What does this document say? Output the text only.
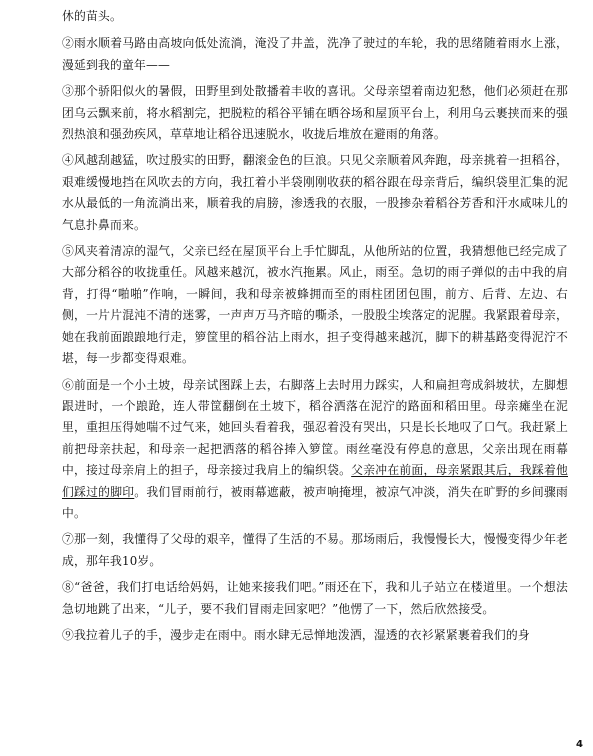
休的苗头。

②雨水顺着马路由高坡向低处流淌，淹没了井盖，洗净了驶过的车轮，我的思绪随着雨水上涨，漫延到我的童年——

③那个骄阳似火的暑假，田野里到处散播着丰收的喜讯。父母亲望着南边犯愁，他们必须赶在那团乌云飘来前，将水稻割完，把脱粒的稻谷平铺在晒谷场和屋顶平台上，利用乌云裹挟而来的强烈热浪和强劲疾风，草草地让稻谷迅速脱水，收拢后堆放在避雨的角落。

④风越刮越猛，吹过殷实的田野，翻滚金色的巨浪。只见父亲顺着风奔跑，母亲挑着一担稻谷，艰难缓慢地挡在风吹去的方向，我扛着小半袋刚刚收获的稻谷跟在母亲背后，编织袋里汇集的泥水从最低的一角流淌出来，顺着我的肩膀，渗透我的衣服，一股掺杂着稻谷芳香和汗水咸味儿的气息扑鼻而来。

⑤风夹着清凉的湿气，父亲已经在屋顶平台上手忙脚乱，从他所站的位置，我猜想他已经完成了大部分稻谷的收拢重任。风越来越沉，被水汽拖累。风止，雨至。急切的雨子弹似的击中我的肩背，打得“啪啪”作响，一瞬间，我和母亲被蜂拥而至的雨柱团团包围，前方、后背、左边、右侧，一片片混沌不清的迷雾，一声声万马齐暗的嘶杀，一股股尘埃落定的泥腥。我紧跟着母亲，她在我前面踉踉地行走，箩筐里的稻谷沾上雨水，担子变得越来越沉，脚下的耕基路变得泥泞不堪，每一步都变得艰难。

⑥前面是一个小土坡，母亲试图踩上去，右脚落上去时用力踩实，人和扁担弯成斜坡状，左脚想跟进时，一个踉跄，连人带筐翻倒在土坡下，稻谷洒落在泥泞的路面和稻田里。母亲瘫坐在泥里，重担压得她喘不过气来，她回头看着我，强忍着没有哭出，只是长长地叹了口气。我赶紧上前把母亲扶起，和母亲一起把洒落的稻谷捧入箩筐。雨丝毫没有停息的意思，父亲出现在雨幕中，接过母亲肩上的担子，母亲接过我肩上的编织袋。父亲冲在前面，母亲紧跟其后，我踩着他们踩过的脚印。我们冒雨前行，被雨幕遮蔽，被声响掩埋，被凉气冲淡，消失在旷野的乡间骤雨中。

⑦那一刻，我懂得了父母的艰辛，懂得了生活的不易。那场雨后，我慢慢长大，慢慢变得少年老成，那年我10岁。

⑧“爸爸，我们打电话给妈妈，让她来接我们吧。”雨还在下，我和儿子站立在楼道里。一个想法急切地跳了出来，“儿子，要不我们冒雨走回家吧？”他愣了一下，然后欣然接受。

⑨我拉着儿子的手，漫步走在雨中。雨水肆无忌惮地泼洒，湿透的衣衫紧紧裹着我们的身

4
